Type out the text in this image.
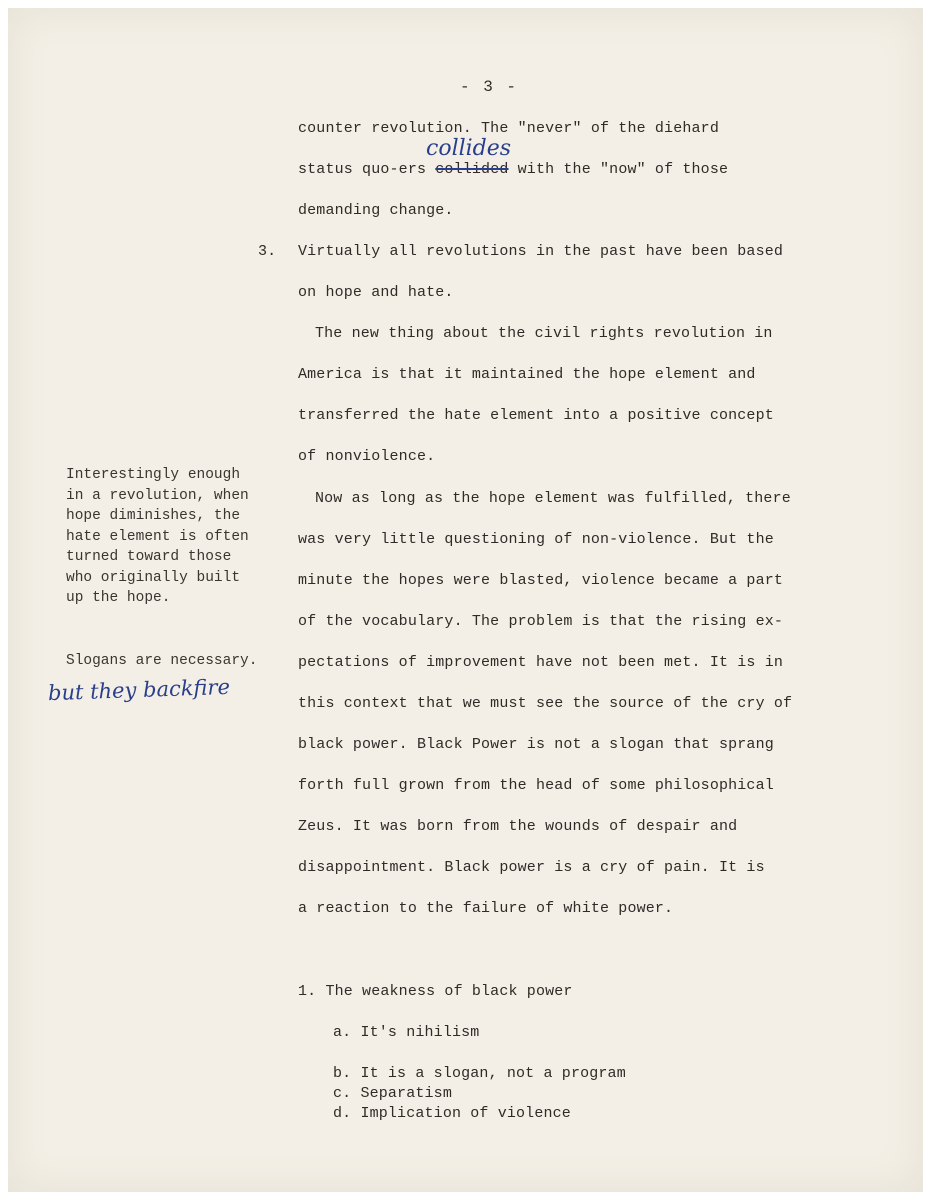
- 3 -
counter revolution. The "never" of the diehard
status quo-ers collided with the "now" of those
collides
demanding change.
3. Virtually all revolutions in the past have been based
on hope and hate.
The new thing about the civil rights revolution in
America is that it maintained the hope element and
transferred the hate element into a positive concept
of nonviolence.
Now as long as the hope element was fulfilled, there
was very little questioning of non-violence. But the
minute the hopes were blasted, violence became a part
of the vocabulary. The problem is that the rising ex-
pectations of improvement have not been met. It is in
this context that we must see the source of the cry of
black power. Black Power is not a slogan that sprang
forth full grown from the head of some philosophical
Zeus. It was born from the wounds of despair and
disappointment. Black power is a cry of pain. It is
a reaction to the failure of white power.
Interestingly enough
in a revolution, when
hope diminishes, the
hate element is often
turned toward those
who originally built
up the hope.
Slogans are necessary.
but they backfire
1. The weakness of black power
a. It's nihilism
b. It is a slogan, not a program
c. Separatism
d. Implication of violence
